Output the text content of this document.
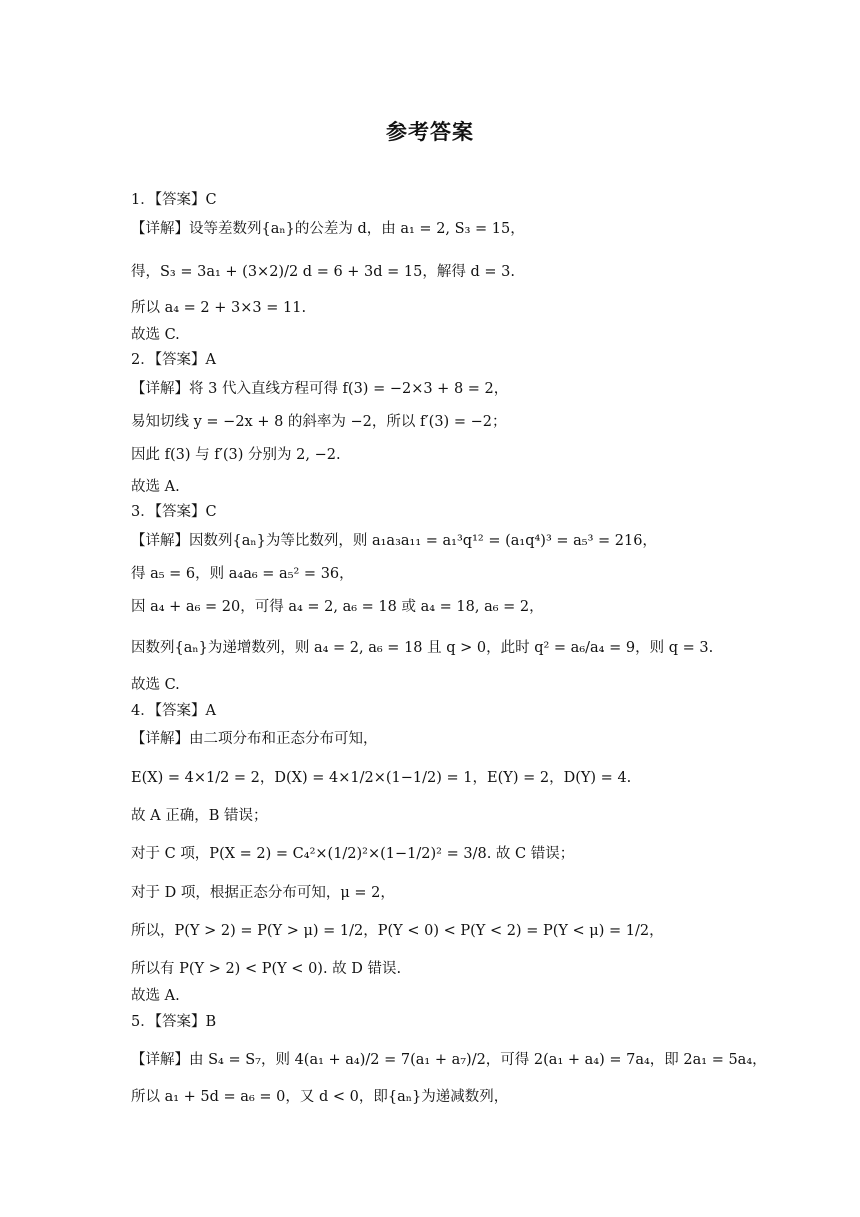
参考答案
1．【答案】C
【详解】设等差数列{aₙ}的公差为 d，由 a₁ = 2, S₃ = 15，
得，S₃ = 3a₁ + (3×2)/2 d = 6 + 3d = 15，解得 d = 3.
所以 a₄ = 2 + 3×3 = 11.
故选 C.
2．【答案】A
【详解】将 3 代入直线方程可得 f(3) = −2×3 + 8 = 2，
易知切线 y = −2x + 8 的斜率为 −2，所以 f′(3) = −2；
因此 f(3) 与 f′(3) 分别为 2, −2.
故选 A.
3．【答案】C
【详解】因数列{aₙ}为等比数列，则 a₁a₃a₁₁ = a₁³q¹² = (a₁q⁴)³ = a₅³ = 216，
得 a₅ = 6，则 a₄a₆ = a₅² = 36，
因 a₄ + a₆ = 20，可得 a₄ = 2, a₆ = 18 或 a₄ = 18, a₆ = 2，
因数列{aₙ}为递增数列，则 a₄ = 2, a₆ = 18 且 q > 0，此时 q² = a₆/a₄ = 9，则 q = 3.
故选 C.
4．【答案】A
【详解】由二项分布和正态分布可知，
E(X) = 4×1/2 = 2，D(X) = 4×1/2×(1−1/2) = 1，E(Y) = 2，D(Y) = 4.
故 A 正确，B 错误；
对于 C 项，P(X = 2) = C₄²×(1/2)²×(1−1/2)² = 3/8. 故 C 错误；
对于 D 项，根据正态分布可知，μ = 2，
所以，P(Y > 2) = P(Y > μ) = 1/2，P(Y < 0) < P(Y < 2) = P(Y < μ) = 1/2，
所以有 P(Y > 2) < P(Y < 0). 故 D 错误.
故选 A.
5．【答案】B
【详解】由 S₄ = S₇，则 4(a₁ + a₄)/2 = 7(a₁ + a₇)/2，可得 2(a₁ + a₄) = 7a₄，即 2a₁ = 5a₄，
所以 a₁ + 5d = a₆ = 0，又 d < 0，即{aₙ}为递减数列，
